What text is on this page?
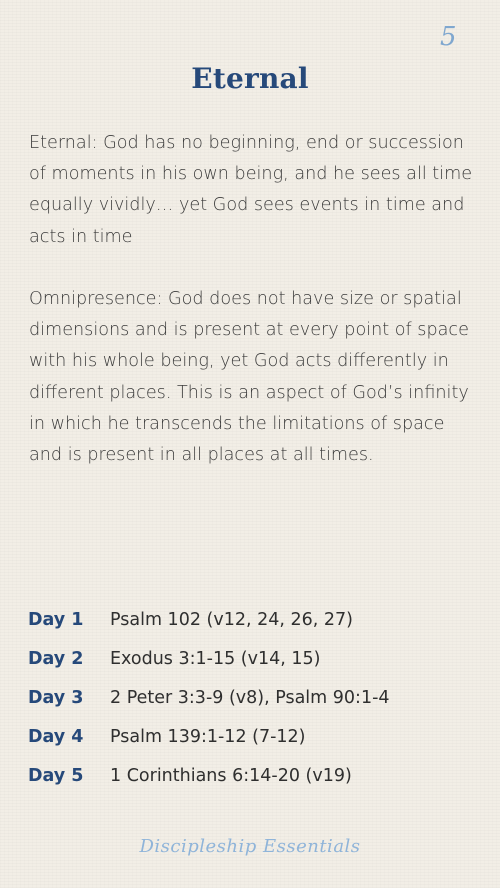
5
Eternal

Eternal: God has no beginning, end or succession of moments in his own being, and he sees all time equally vividly… yet God sees events in time and acts in time

Omnipresence: God does not have size or spatial dimensions and is present at every point of space with his whole being, yet God acts differently in different places. This is an aspect of God’s infinity in which he transcends the limitations of space and is present in all places at all times.

Day 1	Psalm 102 (v12, 24, 26, 27)
Day 2	Exodus 3:1-15 (v14, 15)
Day 3	2 Peter 3:3-9 (v8), Psalm 90:1-4
Day 4	Psalm 139:1-12 (7-12)
Day 5	1 Corinthians 6:14-20 (v19)
Discipleship Essentials
